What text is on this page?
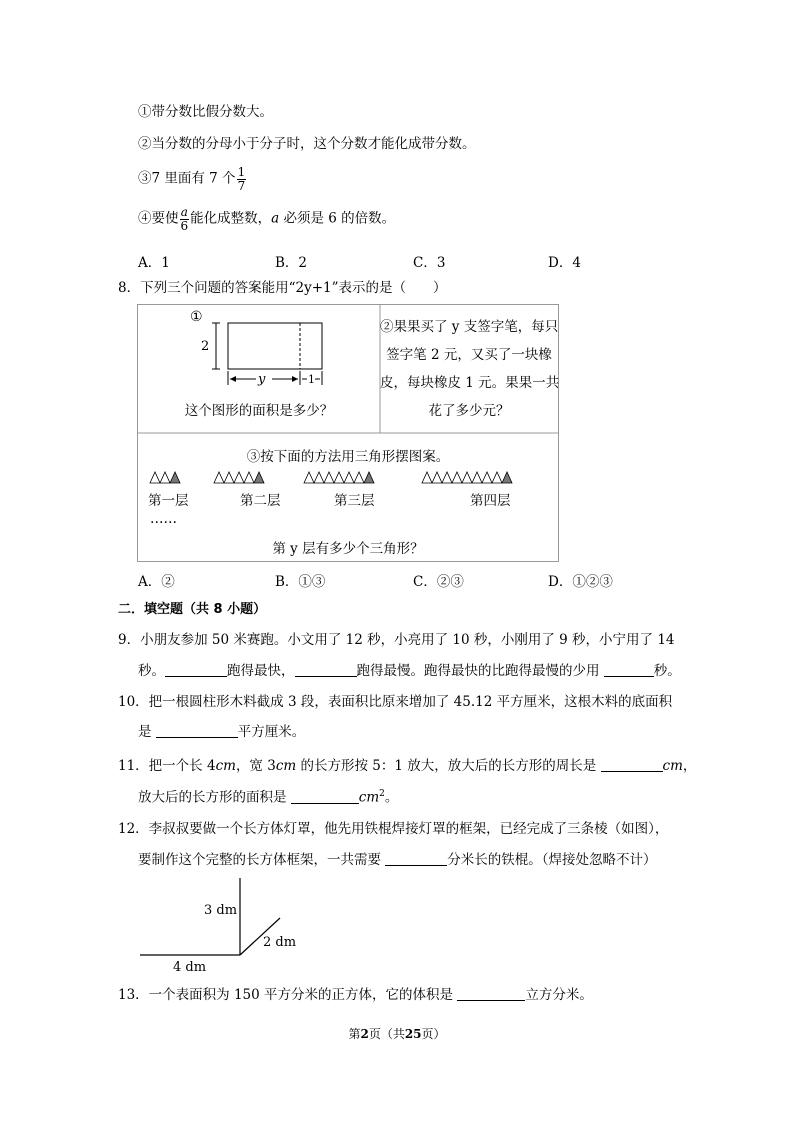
①带分数比假分数大。
②当分数的分母小于分子时，这个分数才能化成带分数。
③7 里面有 7 个 $\frac{1}{7}$
④要使 $\frac{a}{6}$ 能化成整数，a 必须是 6 的倍数。
A．1	B．2	C．3	D．4
8．下列三个问题的答案能用“2y+1”表示的是（　　）
①
2
y	1
这个图形的面积是多少？
②果果买了 y 支签字笔，每只
签字笔 2 元，又买了一块橡
皮，每块橡皮 1 元。果果一共
花了多少元？
③按下面的方法用三角形摆图案。
第一层	第二层	第三层	第四层
……
第 y 层有多少个三角形？
A．②	B．①③	C．②③	D．①②③
二．填空题（共 8 小题）
9．小朋友参加 50 米赛跑。小文用了 12 秒，小亮用了 10 秒，小刚用了 9 秒，小宁用了 14
秒。	跑得最快，	跑得最慢。跑得最快的比跑得最慢的少用	秒。
10．把一根圆柱形木料截成 3 段，表面积比原来增加了 45.12 平方厘米，这根木料的底面积
是	平方厘米。
11．把一个长 4cm，宽 3cm 的长方形按 5：1 放大，放大后的长方形的周长是	cm，
放大后的长方形的面积是	$cm^2$。
12．李叔叔要做一个长方体灯罩，他先用铁棍焊接灯罩的框架，已经完成了三条棱（如图），
要制作这个完整的长方体框架，一共需要	分米长的铁棍。（焊接处忽略不计）
3 dm
2 dm
4 dm
13．一个表面积为 150 平方分米的正方体，它的体积是	立方分米。
第2页（共25页）
